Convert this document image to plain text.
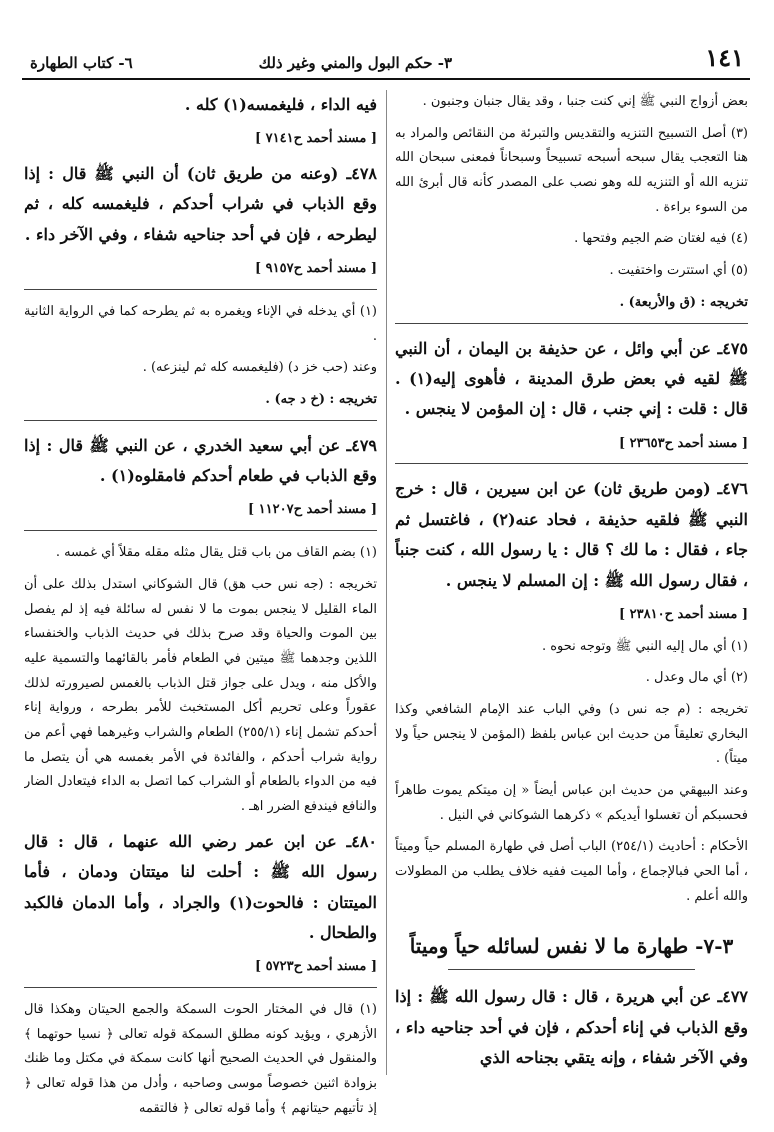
١٤١
٣- حكم البول والمني وغير ذلك
٦- كتاب الطهارة

بعض أزواج النبي ﷺ إني كنت جنبا ، وقد يقال جنبان وجنبون .

(٣) أصل التسبيح التنزيه والتقديس والتبرئة من النقائص والمراد به هنا التعجب يقال سبحه أسبحه تسبيحاً وسبحاناً فمعنى سبحان الله تنزيه الله أو التنزيه لله وهو نصب على المصدر كأنه قال أبرئ الله من السوء براءة .

(٤) فيه لغتان ضم الجيم وفتحها .

(٥) أي استترت واختفيت .

تخريجه : (ق والأربعة) .

٤٧٥ـ عن أبي وائل ، عن حذيفة بن اليمان ، أن النبي ﷺ لقيه في بعض طرق المدينة ، فأهوى إليه(١) . قال : قلت : إني جنب ، قال : إن المؤمن لا ينجس .

[ مسند أحمد ح٢٣٦٥٣ ]

٤٧٦ـ (ومن طريق ثان) عن ابن سيرين ، قال : خرج النبي ﷺ فلقيه حذيفة ، فحاد عنه(٢) ، فاغتسل ثم جاء ، فقال : ما لك ؟ قال : يا رسول الله ، كنت جنباً ، فقال رسول الله ﷺ : إن المسلم لا ينجس .

[ مسند أحمد ح٢٣٨١٠ ]

(١) أي مال إليه النبي ﷺ وتوجه نحوه .

(٢) أي مال وعدل .

تخريجه : (م جه نس د) وفي الباب عند الإمام الشافعي وكذا البخاري تعليقاً من حديث ابن عباس بلفظ (المؤمن لا ينجس حياً ولا ميتاً) .

وعند البيهقي من حديث ابن عباس أيضاً « إن ميتكم يموت طاهراً فحسبكم أن تغسلوا أيديكم » ذكرهما الشوكاني في النيل .

الأحكام : أحاديث (٢٥٤/١) الباب أصل في طهارة المسلم حياً وميتاً ، أما الحي فبالإجماع ، وأما الميت ففيه خلاف يطلب من المطولات والله أعلم .

٣-٧- طهارة ما لا نفس لسائله حياً وميتاً

٤٧٧ـ عن أبي هريرة ، قال : قال رسول الله ﷺ : إذا وقع الذباب في إناء أحدكم ، فإن في أحد جناحيه داء ، وفي الآخر شفاء ، وإنه يتقي بجناحه الذي

فيه الداء ، فليغمسه(١) كله .

[ مسند أحمد ح٧١٤١ ]

٤٧٨ـ (وعنه من طريق ثان) أن النبي ﷺ قال : إذا وقع الذباب في شراب أحدكم ، فليغمسه كله ، ثم ليطرحه ، فإن في أحد جناحيه شفاء ، وفي الآخر داء .

[ مسند أحمد ح٩١٥٧ ]

(١) أي يدخله في الإناء ويغمره به ثم يطرحه كما في الرواية الثانية .

وعند (حب خز د) (فليغمسه كله ثم لينزعه) .

تخريجه : (خ د جه) .

٤٧٩ـ عن أبي سعيد الخدري ، عن النبي ﷺ قال : إذا وقع الذباب في طعام أحدكم فامقلوه(١) .

[ مسند أحمد ح١١٢٠٧ ]

(١) بضم القاف من باب قتل يقال مثله مقله مقلاً أي غمسه .

تخريجه : (جه نس حب هق) قال الشوكاني استدل بذلك على أن الماء القليل لا ينجس بموت ما لا نفس له سائلة فيه إذ لم يفصل بين الموت والحياة وقد صرح بذلك في حديث الذباب والخنفساء اللذين وجدهما ﷺ ميتين في الطعام فأمر بالقائهما والتسمية عليه والأكل منه ، ويدل على جواز قتل الذباب بالغمس لصيرورته لذلك عقوراً وعلى تحريم أكل المستخبث للأمر بطرحه ، ورواية إناء أحدكم تشمل إناء (٢٥٥/١) الطعام والشراب وغيرهما فهي أعم من رواية شراب أحدكم ، والفائدة في الأمر بغمسه هي أن يتصل ما فيه من الدواء بالطعام أو الشراب كما اتصل به الداء فيتعادل الضار والنافع فيندفع الضرر اهـ .

٤٨٠ـ عن ابن عمر رضي الله عنهما ، قال : قال رسول الله ﷺ : أحلت لنا ميتتان ودمان ، فأما الميتتان : فالحوت(١) والجراد ، وأما الدمان فالكبد والطحال .

[ مسند أحمد ح٥٧٢٣ ]

(١) قال في المختار الحوت السمكة والجمع الحيتان وهكذا قال الأزهري ، ويؤيد كونه مطلق السمكة قوله تعالى ﴿ نسيا حوتهما ﴾ والمنقول في الحديث الصحيح أنها كانت سمكة في مكتل وما ظنك بزوادة اثنين خصوصاً موسى وصاحبه ، وأدل من هذا قوله تعالى ﴿ إذ تأتيهم حيتانهم ﴾ وأما قوله تعالى ﴿ فالتقمه
